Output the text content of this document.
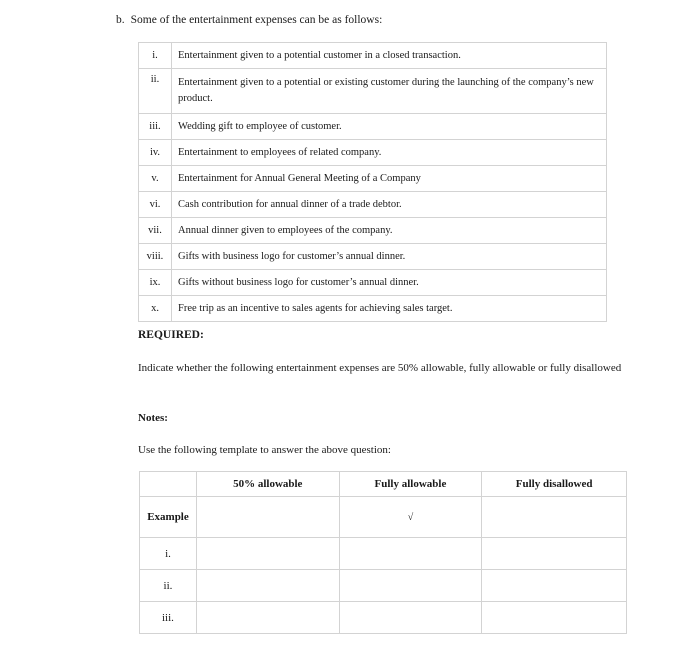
b. Some of the entertainment expenses can be as follows:
i.	Entertainment given to a potential customer in a closed transaction.
ii.	Entertainment given to a potential or existing customer during the launching of the company’s new product.
iii.	Wedding gift to employee of customer.
iv.	Entertainment to employees of related company.
v.	Entertainment for Annual General Meeting of a Company
vi.	Cash contribution for annual dinner of a trade debtor.
vii.	Annual dinner given to employees of the company.
viii.	Gifts with business logo for customer’s annual dinner.
ix.	Gifts without business logo for customer’s annual dinner.
x.	Free trip as an incentive to sales agents for achieving sales target.
REQUIRED:
Indicate whether the following entertainment expenses are 50% allowable, fully allowable or fully disallowed
Notes:
Use the following template to answer the above question:
	50% allowable	Fully allowable	Fully disallowed
Example		√	
i.			
ii.			
iii.			
